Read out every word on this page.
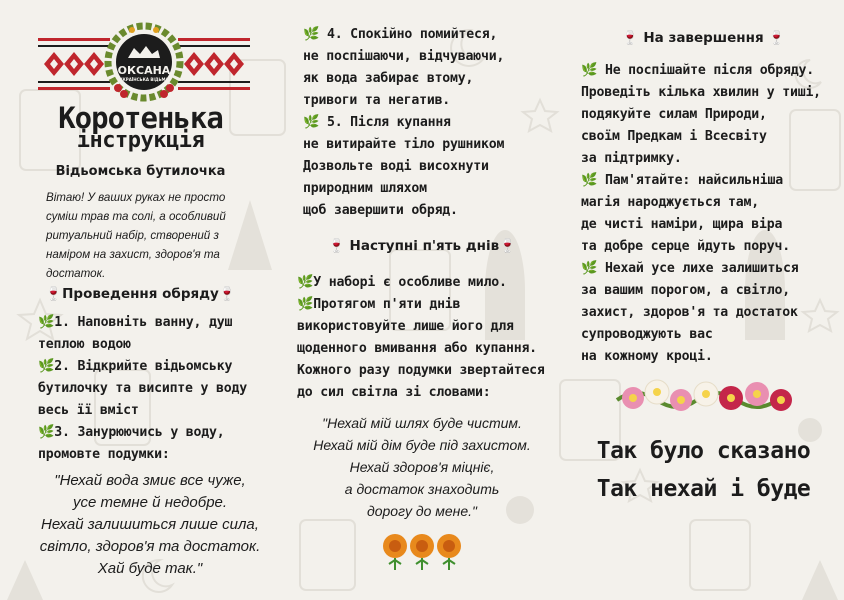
ОКСАНА
УКРАЇНСЬКА ВІДЬМА
Коротенька
інструкція
Відьомська бутилочка
Вітаю! У ваших руках не просто
суміш трав та солі, а особливий
ритуальний набір, створений з
наміром на захист, здоров'я та
достаток.
🍷Проведення обряду🍷
🌿1. Наповніть ванну, душ
теплою водою
🌿2. Відкрийте відьомську
бутилочку та висипте у воду
весь її вміст
🌿3. Занурюючись у воду,
промовте подумки:
"Нехай вода змиє все чуже,
усе темне й недобре.
Нехай залишиться лише сила,
світло, здоров'я та достаток.
Хай буде так."
🌿 4. Спокійно помийтеся,
не поспішаючи, відчуваючи,
як вода забирає втому,
тривоги та негатив.
🌿 5. Після купання
не витирайте тіло рушником
Дозвольте воді висохнути
природним шляхом
щоб завершити обряд.
🍷 Наступні п'ять днів🍷
🌿У наборі є особливе мило.
🌿Протягом п'яти днів
використовуйте лише його для
щоденного вмивання або купання.
Кожного разу подумки звертайтеся
до сил світла зі словами:
"Нехай мій шлях буде чистим.
Нехай мій дім буде під захистом.
Нехай здоров'я міцніє,
а достаток знаходить
дорогу до мене."
🍷 На завершення 🍷
🌿 Не поспішайте після обряду.
Проведіть кілька хвилин у тиші,
подякуйте силам Природи,
своїм Предкам і Всесвіту
за підтримку.
🌿 Пам'ятайте: найсильніша
магія народжується там,
де чисті наміри, щира віра
та добре серце йдуть поруч.
🌿 Нехай усе лихе залишиться
за вашим порогом, а світло,
захист, здоров'я та достаток
супроводжують вас
на кожному кроці.
Так було сказано
Так нехай і буде
